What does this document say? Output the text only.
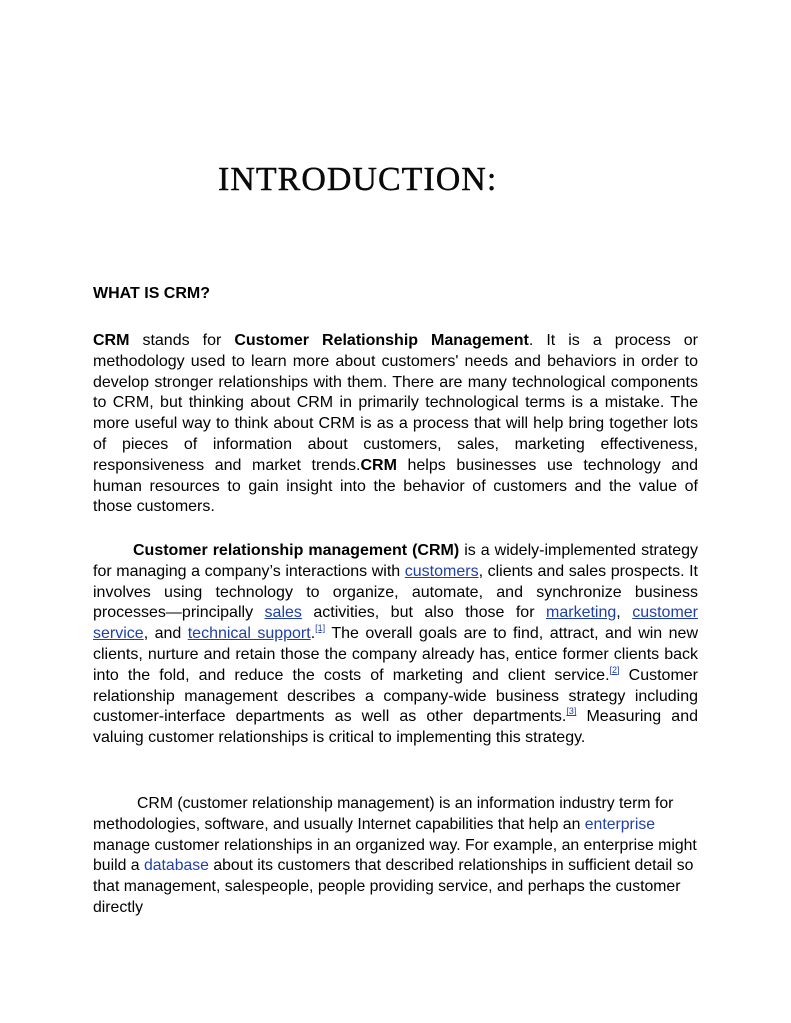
INTRODUCTION:
WHAT IS CRM?

CRM stands for Customer Relationship Management. It is a process or methodology used to learn more about customers' needs and behaviors in order to develop stronger relationships with them. There are many technological components to CRM, but thinking about CRM in primarily technological terms is a mistake. The more useful way to think about CRM is as a process that will help bring together lots of pieces of information about customers, sales, marketing effectiveness, responsiveness and market trends.CRM helps businesses use technology and human resources to gain insight into the behavior of customers and the value of those customers.

Customer relationship management (CRM) is a widely-implemented strategy for managing a company’s interactions with customers, clients and sales prospects. It involves using technology to organize, automate, and synchronize business processes—principally sales activities, but also those for marketing, customer service, and technical support.[1] The overall goals are to find, attract, and win new clients, nurture and retain those the company already has, entice former clients back into the fold, and reduce the costs of marketing and client service.[2] Customer relationship management describes a company-wide business strategy including customer-interface departments as well as other departments.[3] Measuring and valuing customer relationships is critical to implementing this strategy.

CRM (customer relationship management) is an information industry term for methodologies, software, and usually Internet capabilities that help an enterprise manage customer relationships in an organized way. For example, an enterprise might build a database about its customers that described relationships in sufficient detail so that management, salespeople, people providing service, and perhaps the customer directly
